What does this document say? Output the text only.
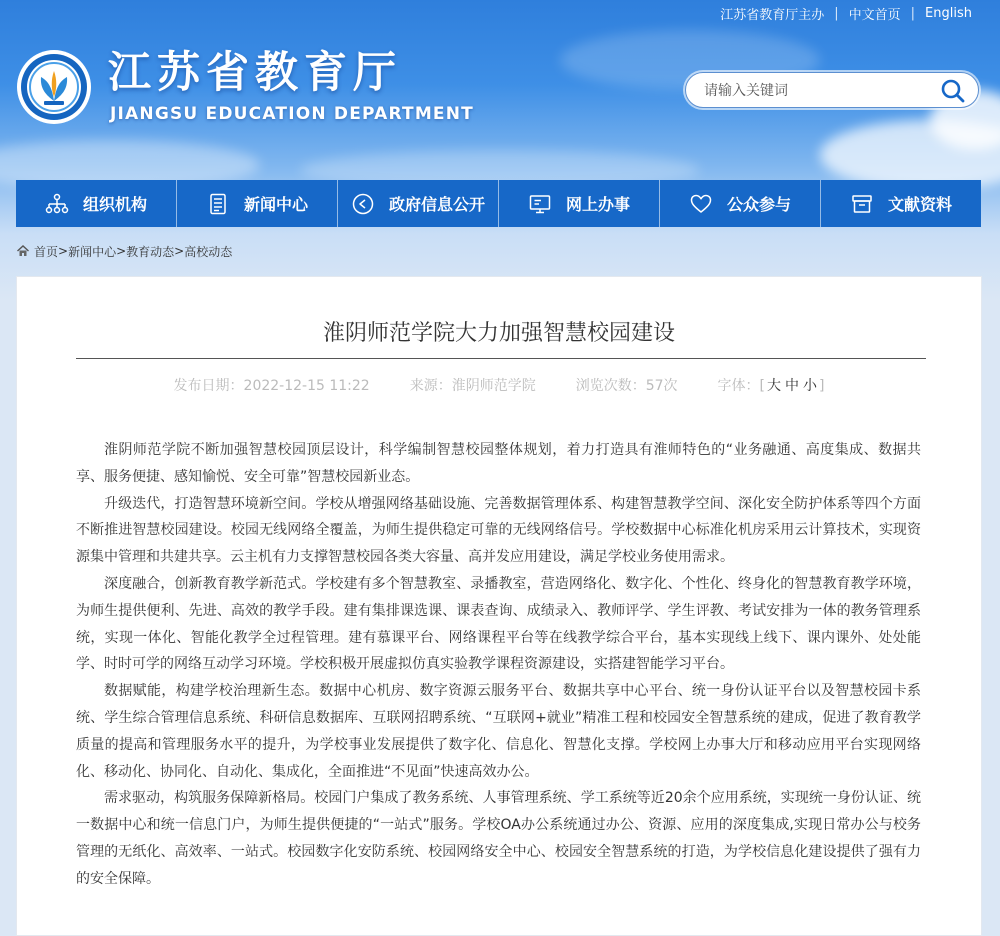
江苏省教育厅主办 | 中文首页 | English
江苏省教育厅
JIANGSU EDUCATION DEPARTMENT
请输入关键词
组织机构	新闻中心	政府信息公开	网上办事	公众参与	文献资料
首页 > 新闻中心 > 教育动态 > 高校动态
淮阴师范学院大力加强智慧校园建设
发布日期：2022-12-15 11:22	来源：淮阴师范学院	浏览次数：57次	字体：[ 大 中 小 ]

淮阴师范学院不断加强智慧校园顶层设计，科学编制智慧校园整体规划，着力打造具有淮师特色的“业务融通、高度集成、数据共享、服务便捷、感知愉悦、安全可靠”智慧校园新业态。

升级迭代，打造智慧环境新空间。学校从增强网络基础设施、完善数据管理体系、构建智慧教学空间、深化安全防护体系等四个方面不断推进智慧校园建设。校园无线网络全覆盖，为师生提供稳定可靠的无线网络信号。学校数据中心标准化机房采用云计算技术，实现资源集中管理和共建共享。云主机有力支撑智慧校园各类大容量、高并发应用建设，满足学校业务使用需求。

深度融合，创新教育教学新范式。学校建有多个智慧教室、录播教室，营造网络化、数字化、个性化、终身化的智慧教育教学环境，为师生提供便利、先进、高效的教学手段。建有集排课选课、课表查询、成绩录入、教师评学、学生评教、考试安排为一体的教务管理系统，实现一体化、智能化教学全过程管理。建有慕课平台、网络课程平台等在线教学综合平台，基本实现线上线下、课内课外、处处能学、时时可学的网络互动学习环境。学校积极开展虚拟仿真实验教学课程资源建设，实搭建智能学习平台。

数据赋能，构建学校治理新生态。数据中心机房、数字资源云服务平台、数据共享中心平台、统一身份认证平台以及智慧校园卡系统、学生综合管理信息系统、科研信息数据库、互联网招聘系统、“互联网+就业”精准工程和校园安全智慧系统的建成，促进了教育教学质量的提高和管理服务水平的提升，为学校事业发展提供了数字化、信息化、智慧化支撑。学校网上办事大厅和移动应用平台实现网络化、移动化、协同化、自动化、集成化，全面推进“不见面”快速高效办公。

需求驱动，构筑服务保障新格局。校园门户集成了教务系统、人事管理系统、学工系统等近20余个应用系统，实现统一身份认证、统一数据中心和统一信息门户，为师生提供便捷的“一站式”服务。学校OA办公系统通过办公、资源、应用的深度集成,实现日常办公与校务管理的无纸化、高效率、一站式。校园数字化安防系统、校园网络安全中心、校园安全智慧系统的打造，为学校信息化建设提供了强有力的安全保障。
